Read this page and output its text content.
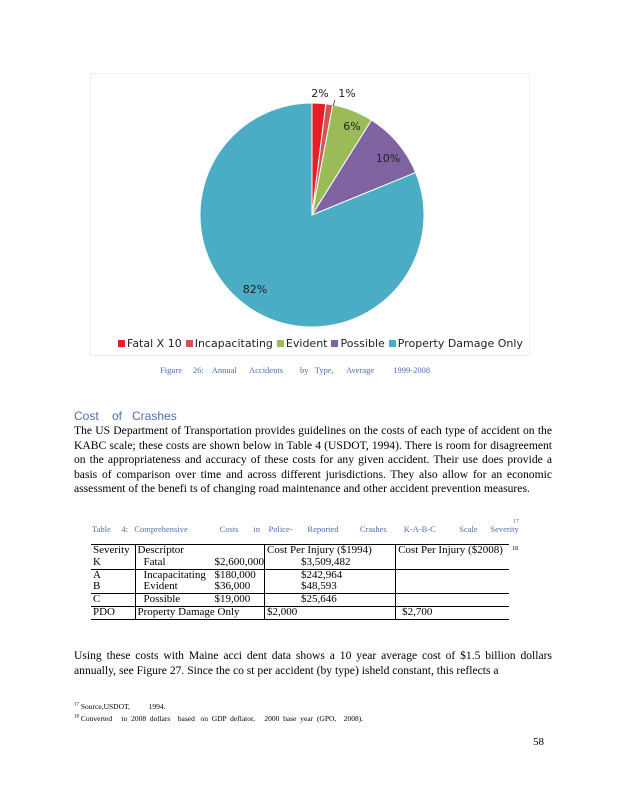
2% 1%
6%
10%
82%
Fatal X 10 Incapacitating Evident Possible Property Damage Only
Figure     26:    Annual      Accidents        by   Type,      Average         1999-2008
Cost    of   Crashes
The US Department of Transportation provides guidelines on the costs of each type of accident on the KABC scale; these costs are shown below in Table 4 (USDOT, 1994). There is room for disagreement on the appropriateness and accuracy of these costs for any given accident. Their use does provide a basis of comparison over time and across different jurisdictions. They also allow for an economic assessment of the benefi ts of changing road maintenance and other accident prevention measures.
Table     4:   Comprehensive               Costs       in    Police-       Reported          Crashes        K-A-B-C           Scale      Severity
17
Severity	Descriptor		Cost Per Injury ($1994)	Cost Per Injury ($2008)
K	Fatal	$2,600,000	$3,509,482	
A	Incapacitating	$180,000	$242,964	
B	Evident	$36,000	$48,593	
C	Possible	$19,000	$25,646	
PDO	Property Damage Only		$2,000	$2,700
18
Using these costs with Maine acci dent data shows a 10 year average cost of $1.5 billion dollars annually, see Figure 27. Since the co st per accident (by type) isheld constant, this reflects a
$^{17}$ Source,USDOT,          1994.
$^{18}$ Converted     to  2008  dollars    based   on  GDP  deflator,     2000  base  year  (GPO,    2008).
58
